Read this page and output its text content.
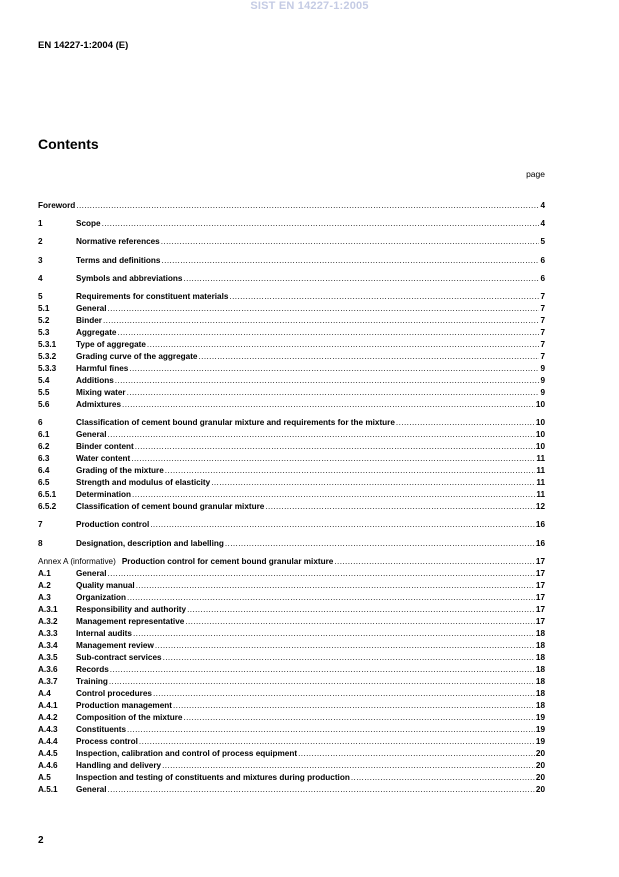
SIST EN 14227-1:2005
EN 14227-1:2004 (E)
Contents
page
Foreword .....	4
1	Scope .....	4
2	Normative references .....	5
3	Terms and definitions .....	6
4	Symbols and abbreviations .....	6
5	Requirements for constituent materials .....	7
5.1	General .....	7
5.2	Binder .....	7
5.3	Aggregate .....	7
5.3.1	Type of aggregate .....	7
5.3.2	Grading curve of the aggregate .....	7
5.3.3	Harmful fines .....	9
5.4	Additions .....	9
5.5	Mixing water .....	9
5.6	Admixtures .....	10
6	Classification of cement bound granular mixture and requirements for the mixture .....	10
6.1	General .....	10
6.2	Binder content .....	10
6.3	Water content .....	11
6.4	Grading of the mixture .....	11
6.5	Strength and modulus of elasticity .....	11
6.5.1	Determination .....	11
6.5.2	Classification of cement bound granular mixture .....	12
7	Production control .....	16
8	Designation, description and labelling .....	16
Annex A (informative) Production control for cement bound granular mixture .....	17
A.1	General .....	17
A.2	Quality manual .....	17
A.3	Organization .....	17
A.3.1	Responsibility and authority .....	17
A.3.2	Management representative .....	17
A.3.3	Internal audits .....	18
A.3.4	Management review .....	18
A.3.5	Sub-contract services .....	18
A.3.6	Records .....	18
A.3.7	Training .....	18
A.4	Control procedures .....	18
A.4.1	Production management .....	18
A.4.2	Composition of the mixture .....	19
A.4.3	Constituents .....	19
A.4.4	Process control .....	19
A.4.5	Inspection, calibration and control of process equipment .....	20
A.4.6	Handling and delivery .....	20
A.5	Inspection and testing of constituents and mixtures during production .....	20
A.5.1	General .....	20
2
